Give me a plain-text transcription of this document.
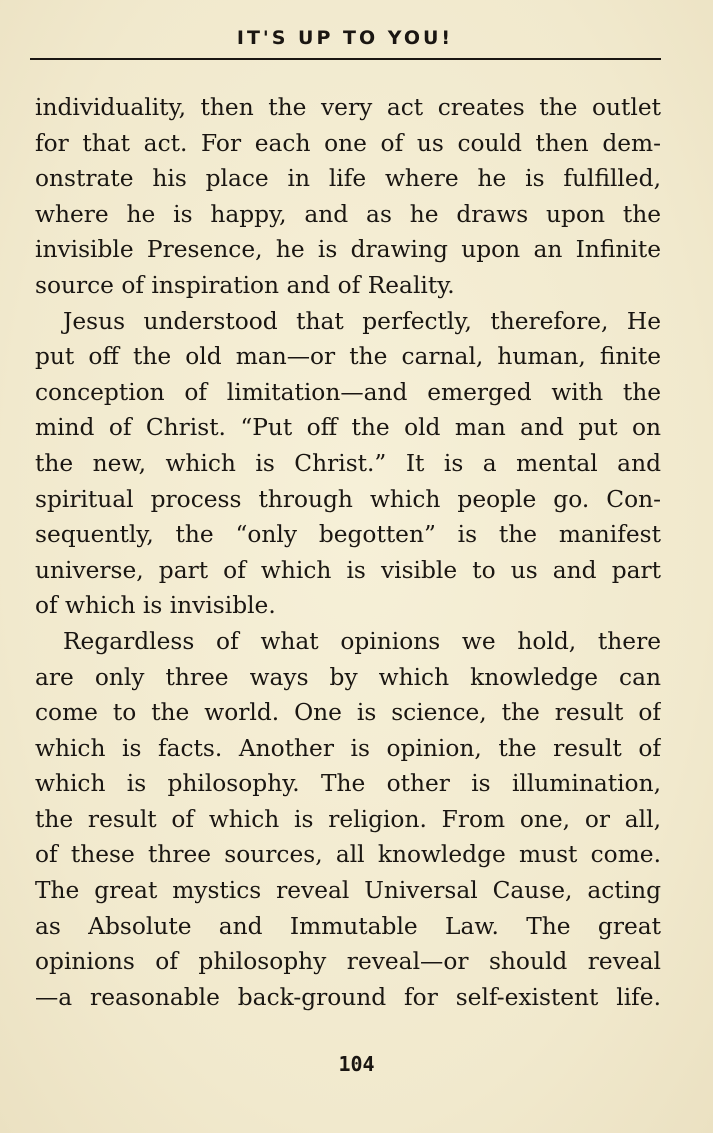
IT'S UP TO YOU!
individuality, then the very act creates the outlet
for that act. For each one of us could then dem-
onstrate his place in life where he is fulfilled,
where he is happy, and as he draws upon the
invisible Presence, he is drawing upon an Infinite
source of inspiration and of Reality.
Jesus understood that perfectly, therefore, He
put off the old man—or the carnal, human, finite
conception of limitation—and emerged with the
mind of Christ. “Put off the old man and put on
the new, which is Christ.” It is a mental and
spiritual process through which people go. Con-
sequently, the “only begotten” is the manifest
universe, part of which is visible to us and part
of which is invisible.
Regardless of what opinions we hold, there
are only three ways by which knowledge can
come to the world. One is science, the result of
which is facts. Another is opinion, the result of
which is philosophy. The other is illumination,
the result of which is religion. From one, or all,
of these three sources, all knowledge must come.
The great mystics reveal Universal Cause, acting
as Absolute and Immutable Law. The great
opinions of philosophy reveal—or should reveal
—a reasonable back-ground for self-existent life.
104
